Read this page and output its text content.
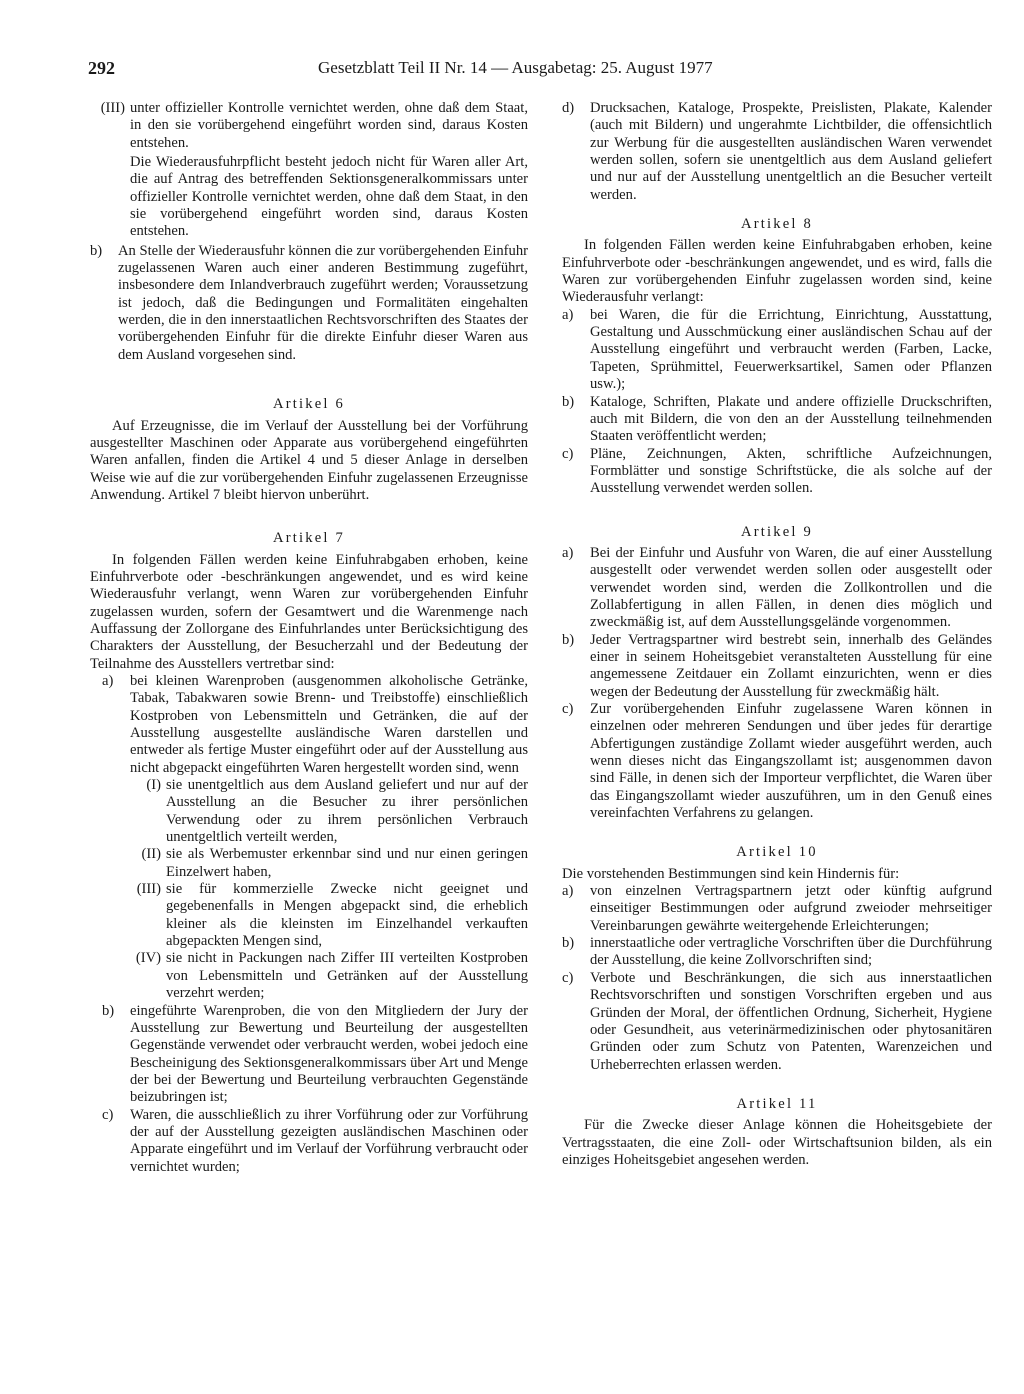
292	Gesetzblatt Teil II Nr. 14 — Ausgabetag: 25. August 1977
(III) unter offizieller Kontrolle vernichtet werden, ohne daß dem Staat, in den sie vorübergehend eingeführt worden sind, daraus Kosten entstehen.

Die Wiederausfuhrpflicht besteht jedoch nicht für Waren aller Art, die auf Antrag des betreffenden Sektionsgeneralkommissars unter offizieller Kontrolle vernichtet werden, ohne daß dem Staat, in den sie vorübergehend eingeführt worden sind, daraus Kosten entstehen.

b)	An Stelle der Wiederausfuhr können die zur vorübergehenden Einfuhr zugelassenen Waren auch einer anderen Bestimmung zugeführt, insbesondere dem Inlandverbrauch zugeführt werden; Voraussetzung ist jedoch, daß die Bedingungen und Formalitäten eingehalten werden, die in den innerstaatlichen Rechtsvorschriften des Staates der vorübergehenden Einfuhr für die direkte Einfuhr dieser Waren aus dem Ausland vorgesehen sind.
Artikel 6

Auf Erzeugnisse, die im Verlauf der Ausstellung bei der Vorführung ausgestellter Maschinen oder Apparate aus vorübergehend eingeführten Waren anfallen, finden die Artikel 4 und 5 dieser Anlage in derselben Weise wie auf die zur vorübergehenden Einfuhr zugelassenen Erzeugnisse Anwendung. Artikel 7 bleibt hiervon unberührt.

Artikel 7

In folgenden Fällen werden keine Einfuhrabgaben erhoben, keine Einfuhrverbote oder -beschränkungen angewendet, und es wird keine Wiederausfuhr verlangt, wenn Waren zur vorübergehenden Einfuhr zugelassen wurden, sofern der Gesamtwert und die Warenmenge nach Auffassung der Zollorgane des Einfuhrlandes unter Berücksichtigung des Charakters der Ausstellung, der Besucherzahl und der Bedeutung der Teilnahme des Ausstellers vertretbar sind:

a)	bei kleinen Warenproben (ausgenommen alkoholische Getränke, Tabak, Tabakwaren sowie Brenn- und Treibstoffe) einschließlich Kostproben von Lebensmitteln und Getränken, die auf der Ausstellung ausgestellte ausländische Waren darstellen und entweder als fertige Muster eingeführt oder auf der Ausstellung aus nicht abgepackt eingeführten Waren hergestellt worden sind, wenn
(I) sie unentgeltlich aus dem Ausland geliefert und nur auf der Ausstellung an die Besucher zu ihrer persönlichen Verwendung oder zu ihrem persönlichen Verbrauch unentgeltlich verteilt werden,
(II) sie als Werbemuster erkennbar sind und nur einen geringen Einzelwert haben,
(III) sie für kommerzielle Zwecke nicht geeignet und gegebenenfalls in Mengen abgepackt sind, die erheblich kleiner als die kleinsten im Einzelhandel verkauften abgepackten Mengen sind,
(IV) sie nicht in Packungen nach Ziffer III verteilten Kostproben von Lebensmitteln und Getränken auf der Ausstellung verzehrt werden;
b)	eingeführte Warenproben, die von den Mitgliedern der Jury der Ausstellung zur Bewertung und Beurteilung der ausgestellten Gegenstände verwendet oder verbraucht werden, wobei jedoch eine Bescheinigung des Sektionsgeneralkommissars über Art und Menge der bei der Bewertung und Beurteilung verbrauchten Gegenstände beizubringen ist;
c)	Waren, die ausschließlich zu ihrer Vorführung oder zur Vorführung der auf der Ausstellung gezeigten ausländischen Maschinen oder Apparate eingeführt und im Verlauf der Vorführung verbraucht oder vernichtet wurden;
d)	Drucksachen, Kataloge, Prospekte, Preislisten, Plakate, Kalender (auch mit Bildern) und ungerahmte Lichtbilder, die offensichtlich zur Werbung für die ausgestellten ausländischen Waren verwendet werden sollen, sofern sie unentgeltlich aus dem Ausland geliefert und nur auf der Ausstellung unentgeltlich an die Besucher verteilt werden.
Artikel 8

In folgenden Fällen werden keine Einfuhrabgaben erhoben, keine Einfuhrverbote oder -beschränkungen angewendet, und es wird, falls die Waren zur vorübergehenden Einfuhr zugelassen worden sind, keine Wiederausfuhr verlangt:

a)	bei Waren, die für die Errichtung, Einrichtung, Ausstattung, Gestaltung und Ausschmückung einer ausländischen Schau auf der Ausstellung eingeführt und verbraucht werden (Farben, Lacke, Tapeten, Sprühmittel, Feuerwerksartikel, Samen oder Pflanzen usw.);
b)	Kataloge, Schriften, Plakate und andere offizielle Druckschriften, auch mit Bildern, die von den an der Ausstellung teilnehmenden Staaten veröffentlicht werden;
c)	Pläne, Zeichnungen, Akten, schriftliche Aufzeichnungen, Formblätter und sonstige Schriftstücke, die als solche auf der Ausstellung verwendet werden sollen.
Artikel 9
a)	Bei der Einfuhr und Ausfuhr von Waren, die auf einer Ausstellung ausgestellt oder verwendet werden sollen oder ausgestellt oder verwendet worden sind, werden die Zollkontrollen und die Zollabfertigung in allen Fällen, in denen dies möglich und zweckmäßig ist, auf dem Ausstellungsgelände vorgenommen.
b)	Jeder Vertragspartner wird bestrebt sein, innerhalb des Geländes einer in seinem Hoheitsgebiet veranstalteten Ausstellung für eine angemessene Zeitdauer ein Zollamt einzurichten, wenn er dies wegen der Bedeutung der Ausstellung für zweckmäßig hält.
c)	Zur vorübergehenden Einfuhr zugelassene Waren können in einzelnen oder mehreren Sendungen und über jedes für derartige Abfertigungen zuständige Zollamt wieder ausgeführt werden, auch wenn dieses nicht das Eingangszollamt ist; ausgenommen davon sind Fälle, in denen sich der Importeur verpflichtet, die Waren über das Eingangszollamt wieder auszuführen, um in den Genuß eines vereinfachten Verfahrens zu gelangen.
Artikel 10

Die vorstehenden Bestimmungen sind kein Hindernis für:

a)	von einzelnen Vertragspartnern jetzt oder künftig aufgrund einseitiger Bestimmungen oder aufgrund zweioder mehrseitiger Vereinbarungen gewährte weitergehende Erleichterungen;
b)	innerstaatliche oder vertragliche Vorschriften über die Durchführung der Ausstellung, die keine Zollvorschriften sind;
c)	Verbote und Beschränkungen, die sich aus innerstaatlichen Rechtsvorschriften und sonstigen Vorschriften ergeben und aus Gründen der Moral, der öffentlichen Ordnung, Sicherheit, Hygiene oder Gesundheit, aus veterinärmedizinischen oder phytosanitären Gründen oder zum Schutz von Patenten, Warenzeichen und Urheberrechten erlassen werden.
Artikel 11

Für die Zwecke dieser Anlage können die Hoheitsgebiete der Vertragsstaaten, die eine Zoll- oder Wirtschaftsunion bilden, als ein einziges Hoheitsgebiet angesehen werden.
